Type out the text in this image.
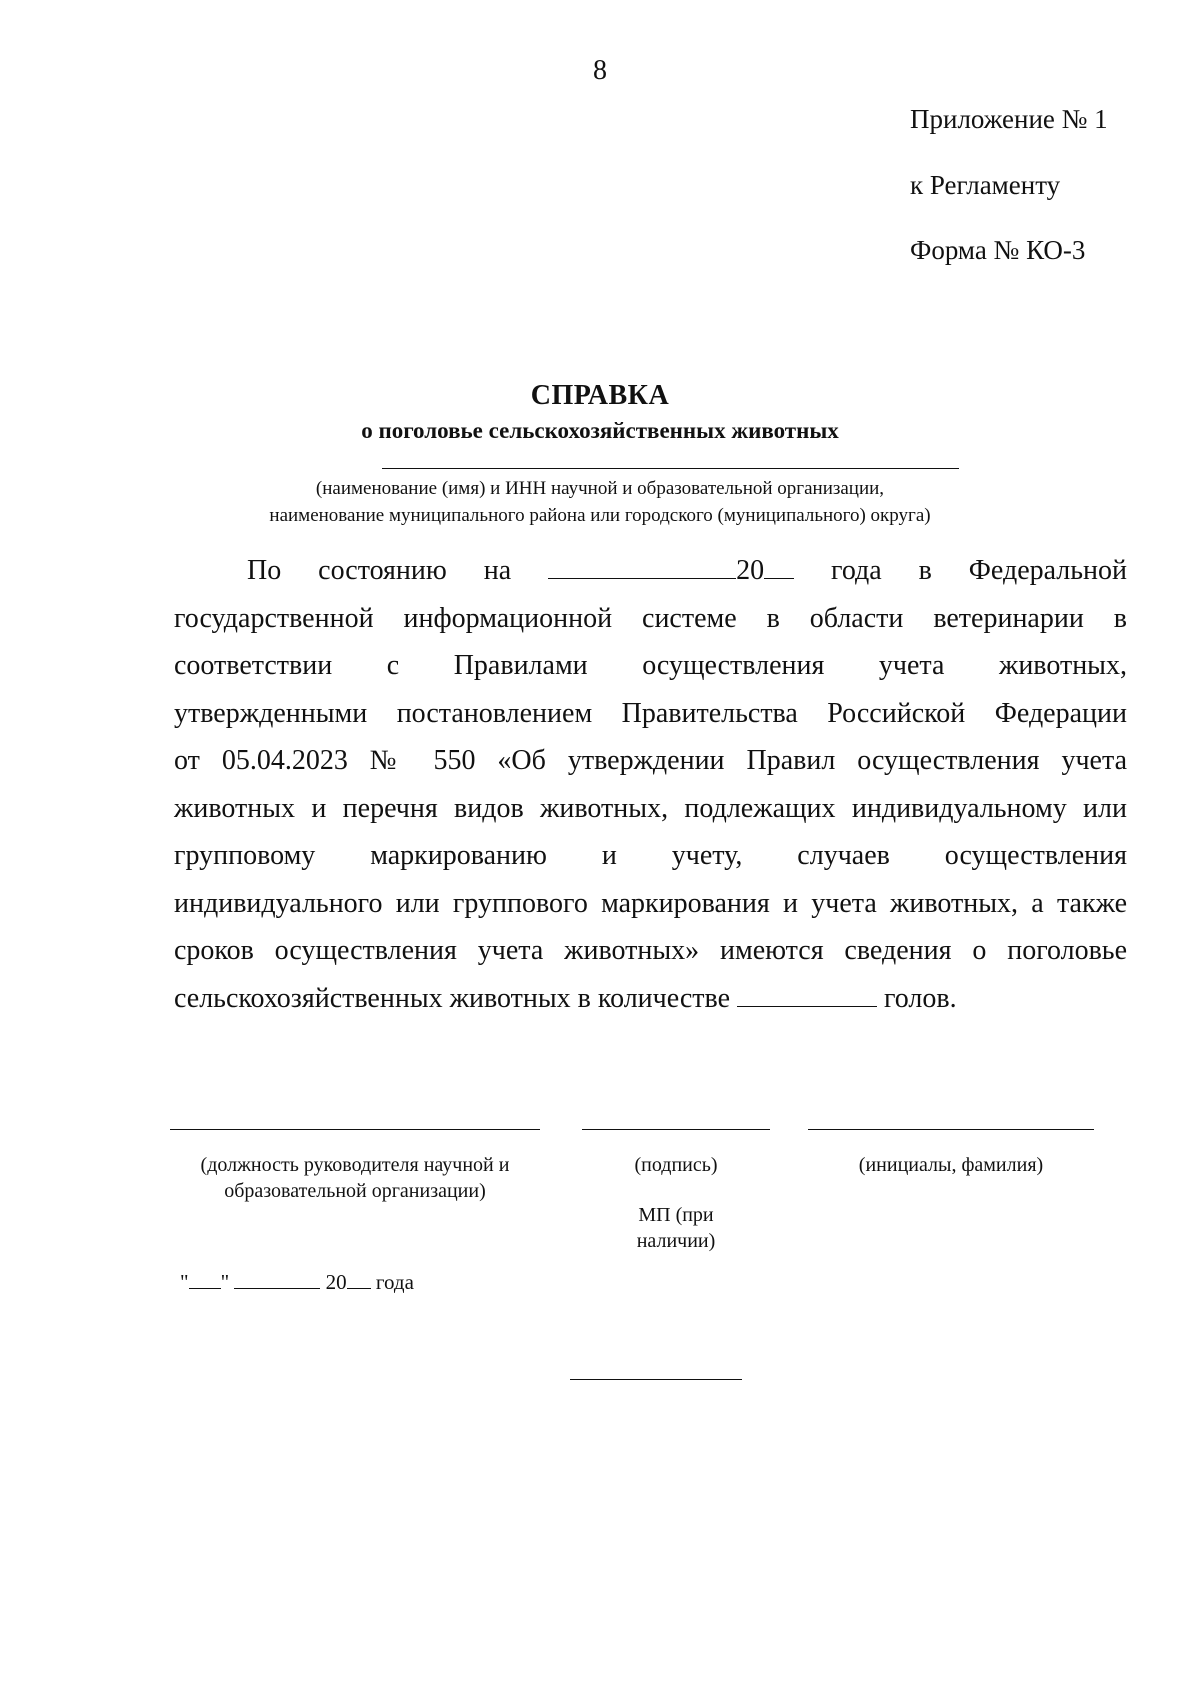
8
Приложение № 1
к Регламенту
Форма № КО-3
СПРАВКА
о поголовье сельскохозяйственных животных
(наименование (имя) и ИНН научной и образовательной организации,
наименование муниципального района или городского (муниципального) округа)
По состоянию на	20 года в Федеральной
государственной информационной системе в области ветеринарии в
соответствии с Правилами осуществления учета животных,
утвержденными постановлением Правительства Российской Федерации
от 05.04.2023 № 550 «Об утверждении Правил осуществления учета
животных и перечня видов животных, подлежащих индивидуальному или
групповому маркированию и учету, случаев осуществления
индивидуального или группового маркирования и учета животных, а также
сроков осуществления учета животных» имеются сведения о поголовье
сельскохозяйственных животных в количестве	голов.
(должность руководителя научной и образовательной организации)
(подпись)
МП (при наличии)
(инициалы, фамилия)
" "	20 года
